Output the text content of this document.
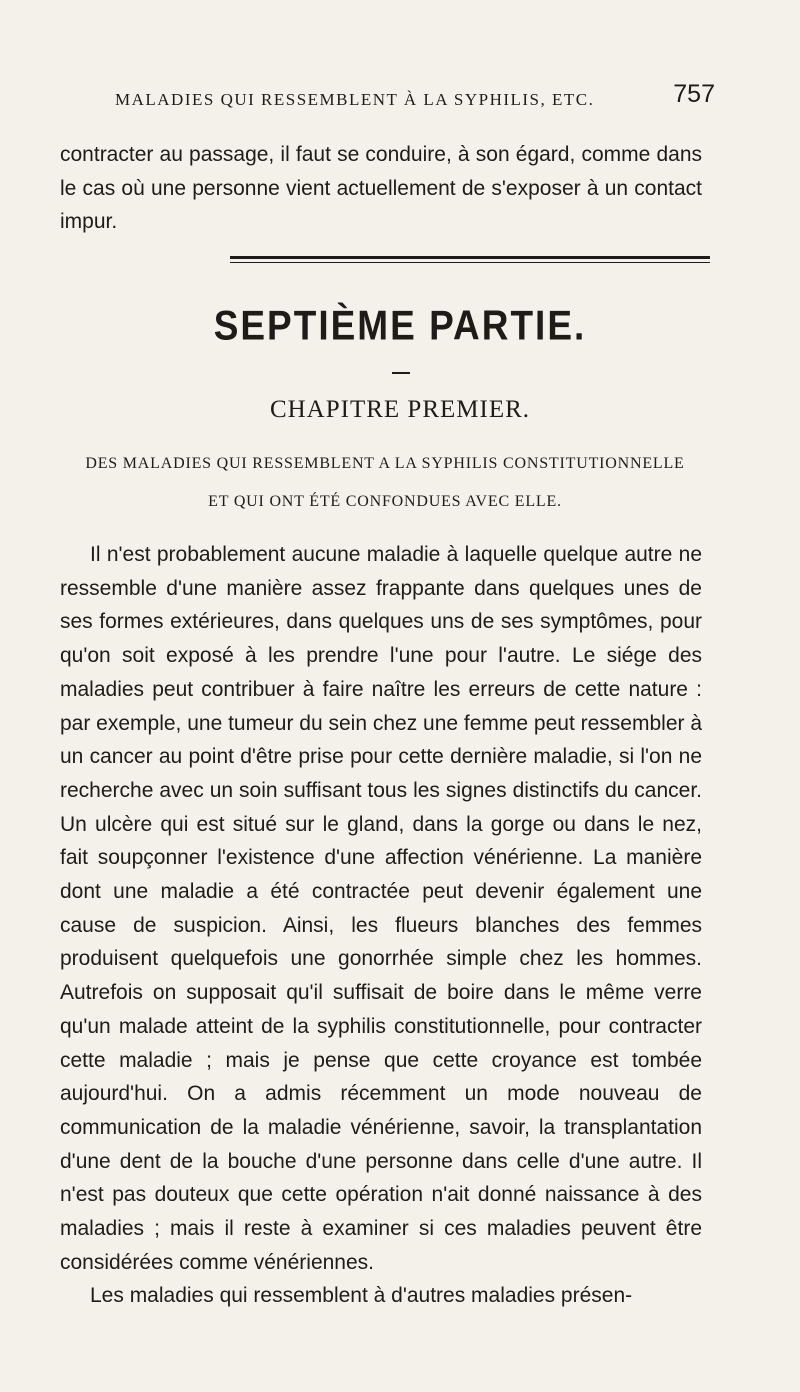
MALADIES QUI RESSEMBLENT À LA SYPHILIS, ETC.	757

contracter au passage, il faut se conduire, à son égard, comme dans le cas où une personne vient actuellement de s'exposer à un contact impur.

SEPTIÈME PARTIE.
CHAPITRE PREMIER.
DES MALADIES QUI RESSEMBLENT A LA SYPHILIS CONSTITUTIONNELLE
ET QUI ONT ÉTÉ CONFONDUES AVEC ELLE.
Il n'est probablement aucune maladie à laquelle quelque autre ne ressemble d'une manière assez frappante dans quelques unes de ses formes extérieures, dans quelques uns de ses symptômes, pour qu'on soit exposé à les prendre l'une pour l'autre. Le siége des maladies peut contribuer à faire naître les erreurs de cette nature : par exemple, une tumeur du sein chez une femme peut ressembler à un cancer au point d'être prise pour cette dernière maladie, si l'on ne recherche avec un soin suffisant tous les signes distinctifs du cancer. Un ulcère qui est situé sur le gland, dans la gorge ou dans le nez, fait soupçonner l'existence d'une affection vénérienne. La manière dont une maladie a été contractée peut devenir également une cause de suspicion. Ainsi, les flueurs blanches des femmes produisent quelquefois une gonorrhée simple chez les hommes. Autrefois on supposait qu'il suffisait de boire dans le même verre qu'un malade atteint de la syphilis constitutionnelle, pour contracter cette maladie ; mais je pense que cette croyance est tombée aujourd'hui. On a admis récemment un mode nouveau de communication de la maladie vénérienne, savoir, la transplantation d'une dent de la bouche d'une personne dans celle d'une autre. Il n'est pas douteux que cette opération n'ait donné naissance à des maladies ; mais il reste à examiner si ces maladies peuvent être considérées comme vénériennes.
Les maladies qui ressemblent à d'autres maladies présen-
